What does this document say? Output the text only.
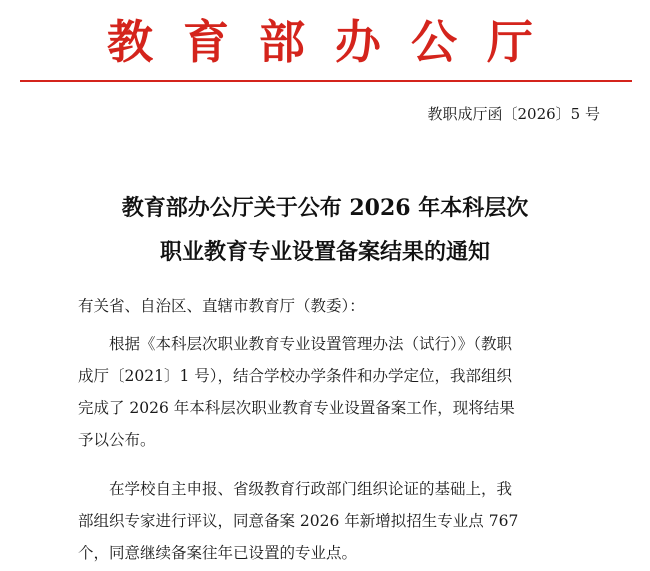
教育部办公厅
教职成厅函〔2026〕5 号
教育部办公厅关于公布 2026 年本科层次
职业教育专业设置备案结果的通知
有关省、自治区、直辖市教育厅（教委）：
根据《本科层次职业教育专业设置管理办法（试行）》（教职
成厅〔2021〕1 号），结合学校办学条件和办学定位，我部组织
完成了 2026 年本科层次职业教育专业设置备案工作，现将结果
予以公布。
在学校自主申报、省级教育行政部门组织论证的基础上，我
部组织专家进行评议，同意备案 2026 年新增拟招生专业点 767
个，同意继续备案往年已设置的专业点。
